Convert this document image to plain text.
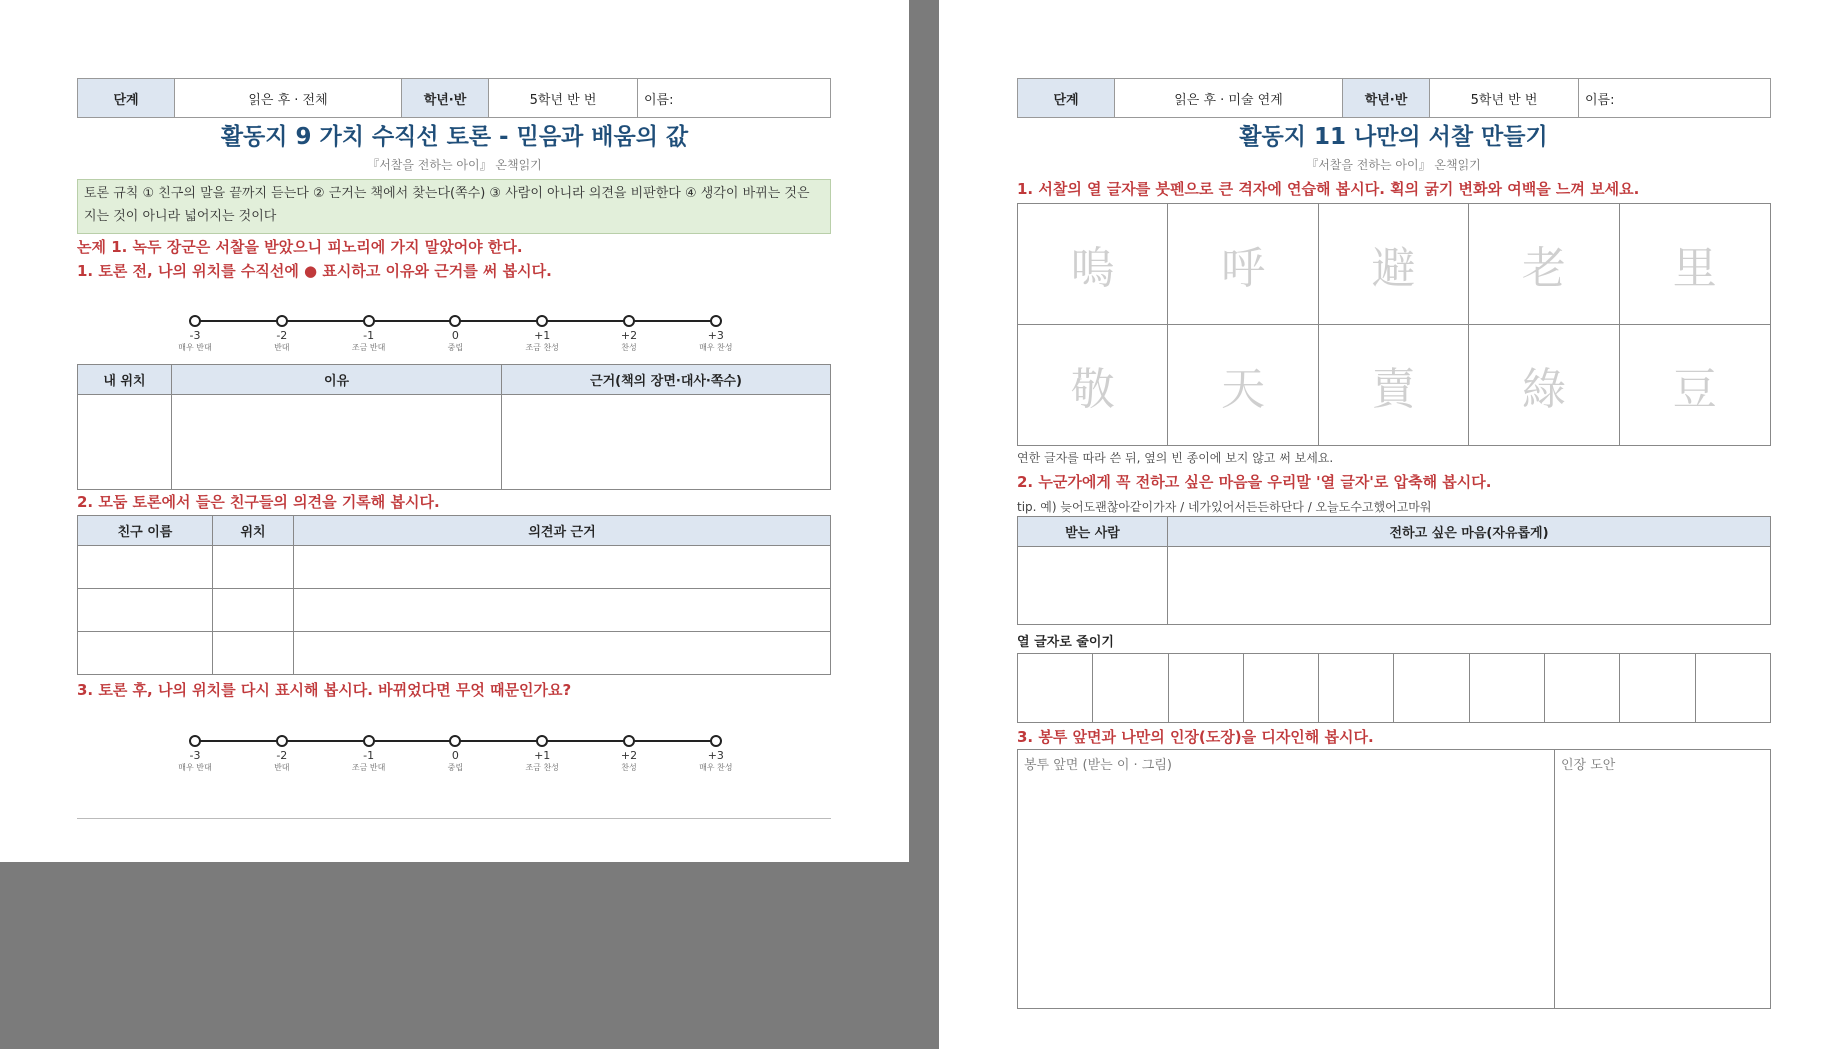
단계	읽은 후 · 전체	학년·반	5학년 반 번	이름:
활동지 9 가치 수직선 토론 - 믿음과 배움의 값
『서찰을 전하는 아이』 온책읽기
토론 규칙 ① 친구의 말을 끝까지 듣는다 ② 근거는 책에서 찾는다(쪽수) ③ 사람이 아니라 의견을 비판한다 ④ 생각이 바뀌는 것은 지는 것이 아니라 넓어지는 것이다
논제 1. 녹두 장군은 서찰을 받았으니 피노리에 가지 말았어야 한다.
1. 토론 전, 나의 위치를 수직선에 ● 표시하고 이유와 근거를 써 봅시다.
-3
매우 반대
-2
반대
-1
조금 반대
0
중립
+1
조금 찬성
+2
찬성
+3
매우 찬성
내 위치	이유	근거(책의 장면·대사·쪽수)

2. 모둠 토론에서 들은 친구들의 의견을 기록해 봅시다.
친구 이름	위치	의견과 근거

3. 토론 후, 나의 위치를 다시 표시해 봅시다. 바뀌었다면 무엇 때문인가요?
-3
매우 반대
-2
반대
-1
조금 반대
0
중립
+1
조금 찬성
+2
찬성
+3
매우 찬성
단계	읽은 후 · 미술 연계	학년·반	5학년 반 번	이름:
활동지 11 나만의 서찰 만들기
『서찰을 전하는 아이』 온책읽기
1. 서찰의 열 글자를 붓펜으로 큰 격자에 연습해 봅시다. 획의 굵기 변화와 여백을 느껴 보세요.
嗚	呼	避	老	里
敬	天	賣	綠	豆
연한 글자를 따라 쓴 뒤, 옆의 빈 종이에 보지 않고 써 보세요.
2. 누군가에게 꼭 전하고 싶은 마음을 우리말 '열 글자'로 압축해 봅시다.
tip. 예) 늦어도괜찮아같이가자 / 네가있어서든든하단다 / 오늘도수고했어고마워
받는 사람	전하고 싶은 마음(자유롭게)

열 글자로 줄이기
3. 봉투 앞면과 나만의 인장(도장)을 디자인해 봅시다.
봉투 앞면 (받는 이 · 그림)	인장 도안
